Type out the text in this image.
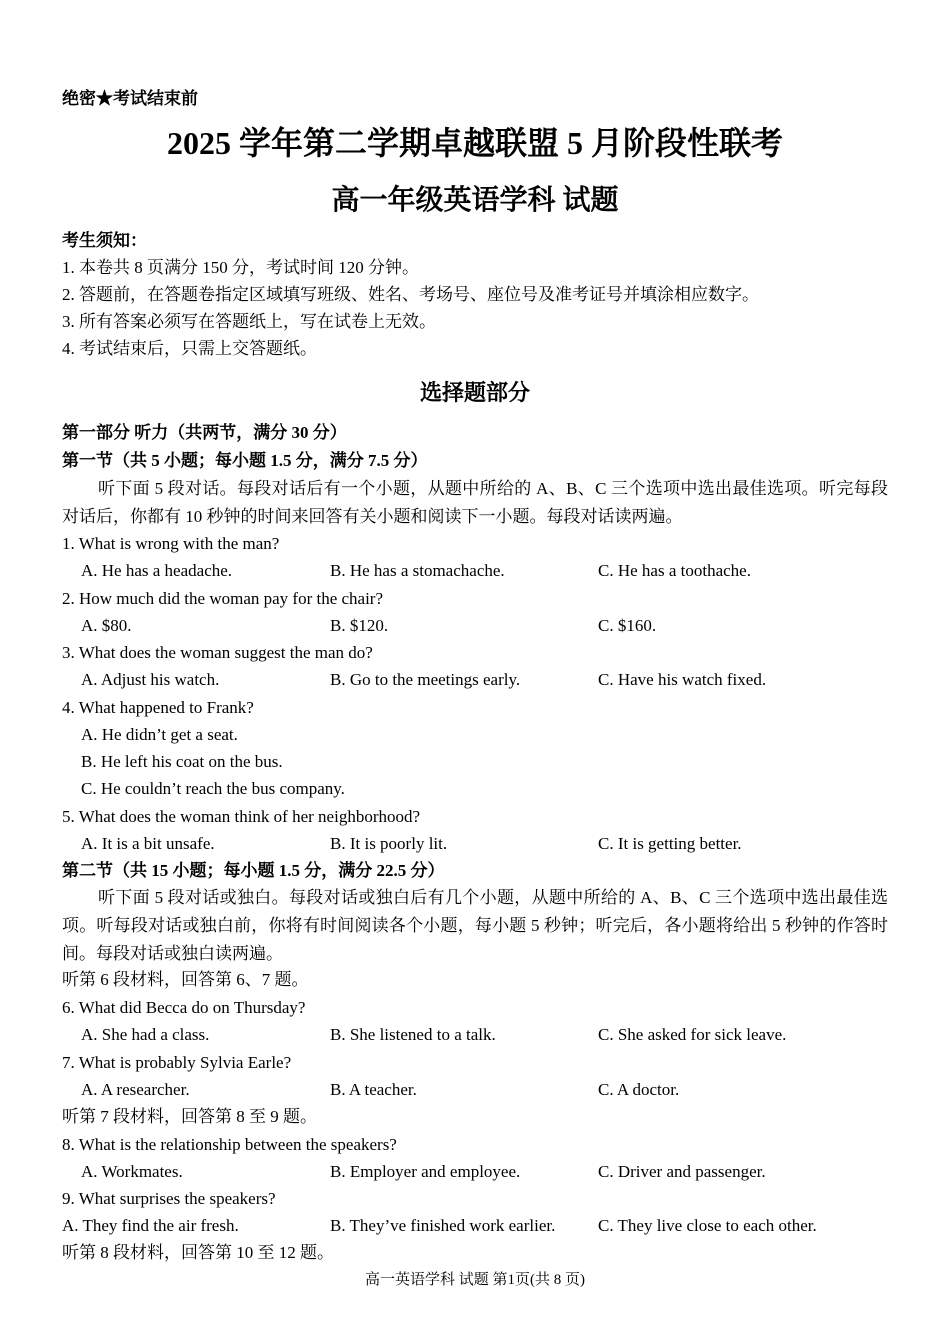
绝密★考试结束前
2025 学年第二学期卓越联盟 5 月阶段性联考
高一年级英语学科 试题
考生须知：
1. 本卷共 8 页满分 150 分，考试时间 120 分钟。
2. 答题前，在答题卷指定区域填写班级、姓名、考场号、座位号及准考证号并填涂相应数字。
3. 所有答案必须写在答题纸上，写在试卷上无效。
4. 考试结束后，只需上交答题纸。
选择题部分
第一部分 听力（共两节，满分 30 分）
第一节（共 5 小题；每小题 1.5 分，满分 7.5 分）
听下面 5 段对话。每段对话后有一个小题，从题中所给的 A、B、C 三个选项中选出最佳选项。听完每段对话后，你都有 10 秒钟的时间来回答有关小题和阅读下一小题。每段对话读两遍。
1. What is wrong with the man?
A. He has a headache.	B. He has a stomachache.	C. He has a toothache.
2. How much did the woman pay for the chair?
A. $80.	B. $120.	C. $160.
3. What does the woman suggest the man do?
A. Adjust his watch.	B. Go to the meetings early.	C. Have his watch fixed.
4. What happened to Frank?
A. He didn’t get a seat.
B. He left his coat on the bus.
C. He couldn’t reach the bus company.
5. What does the woman think of her neighborhood?
A. It is a bit unsafe.	B. It is poorly lit.	C. It is getting better.
第二节（共 15 小题；每小题 1.5 分，满分 22.5 分）
听下面 5 段对话或独白。每段对话或独白后有几个小题，从题中所给的 A、B、C 三个选项中选出最佳选项。听每段对话或独白前，你将有时间阅读各个小题，每小题 5 秒钟；听完后，各小题将给出 5 秒钟的作答时间。每段对话或独白读两遍。
听第 6 段材料，回答第 6、7 题。
6. What did Becca do on Thursday?
A. She had a class.	B. She listened to a talk.	C. She asked for sick leave.
7. What is probably Sylvia Earle?
A. A researcher.	B. A teacher.	C. A doctor.
听第 7 段材料，回答第 8 至 9 题。
8. What is the relationship between the speakers?
A. Workmates.	B. Employer and employee.	C. Driver and passenger.
9. What surprises the speakers?
A. They find the air fresh.	B. They’ve finished work earlier.	C. They live close to each other.
听第 8 段材料，回答第 10 至 12 题。
高一英语学科 试题 第1页(共 8 页)
